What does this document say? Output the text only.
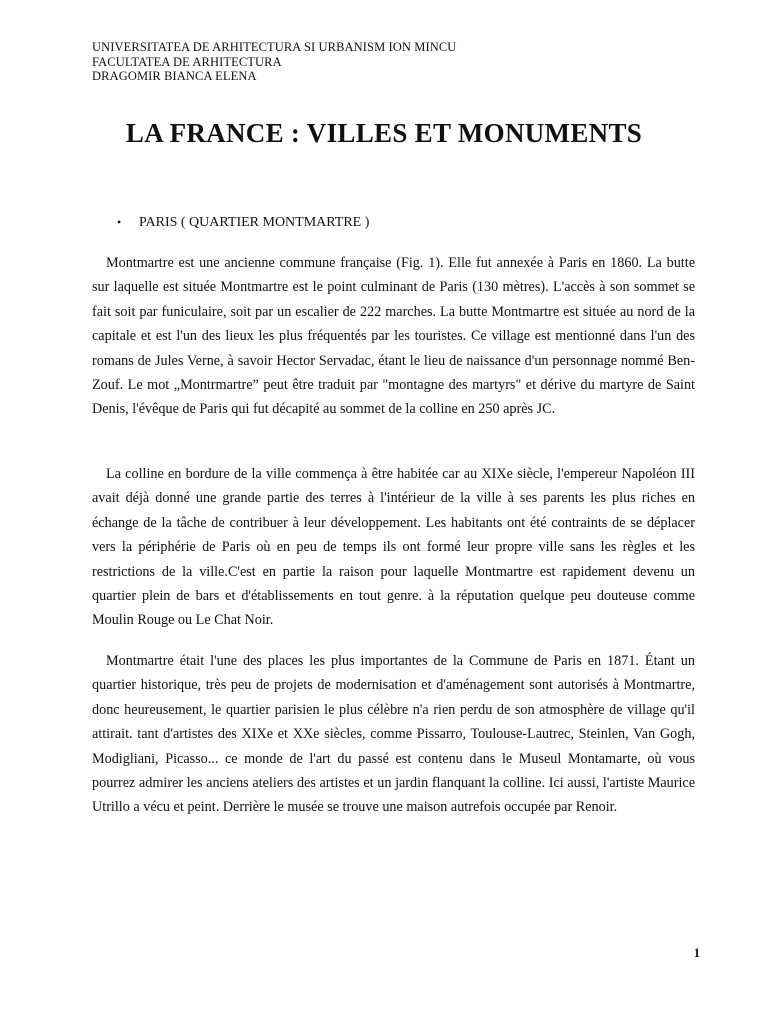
UNIVERSITATEA DE ARHITECTURA SI URBANISM ION MINCU
FACULTATEA DE ARHITECTURA
DRAGOMIR BIANCA ELENA
LA FRANCE : VILLES ET MONUMENTS
• PARIS ( QUARTIER MONTMARTRE )

Montmartre est une ancienne commune française (Fig. 1). Elle fut annexée à Paris en 1860. La butte sur laquelle est située Montmartre est le point culminant de Paris (130 mètres). L'accès à son sommet se fait soit par funiculaire, soit par un escalier de 222 marches. La butte Montmartre est située au nord de la capitale et est l'un des lieux les plus fréquentés par les touristes. Ce village est mentionné dans l'un des romans de Jules Verne, à savoir Hector Servadac, étant le lieu de naissance d'un personnage nommé Ben-Zouf. Le mot „Montrmartre” peut être traduit par "montagne des martyrs" et dérive du martyre de Saint Denis, l'évêque de Paris qui fut décapité au sommet de la colline en 250 après JC.

La colline en bordure de la ville commença à être habitée car au XIXe siècle, l'empereur Napoléon III avait déjà donné une grande partie des terres à l'intérieur de la ville à ses parents les plus riches en échange de la tâche de contribuer à leur développement. Les habitants ont été contraints de se déplacer vers la périphérie de Paris où en peu de temps ils ont formé leur propre ville sans les règles et les restrictions de la ville.C'est en partie la raison pour laquelle Montmartre est rapidement devenu un quartier plein de bars et d'établissements en tout genre. à la réputation quelque peu douteuse comme Moulin Rouge ou Le Chat Noir.

Montmartre était l'une des places les plus importantes de la Commune de Paris en 1871. Étant un quartier historique, très peu de projets de modernisation et d'aménagement sont autorisés à Montmartre, donc heureusement, le quartier parisien le plus célèbre n'a rien perdu de son atmosphère de village qu'il attirait. tant d'artistes des XIXe et XXe siècles, comme Pissarro, Toulouse-Lautrec, Steinlen, Van Gogh, Modigliani, Picasso... ce monde de l'art du passé est contenu dans le Museul Montamarte, où vous pourrez admirer les anciens ateliers des artistes et un jardin flanquant la colline. Ici aussi, l'artiste Maurice Utrillo a vécu et peint. Derrière le musée se trouve une maison autrefois occupée par Renoir.

1
